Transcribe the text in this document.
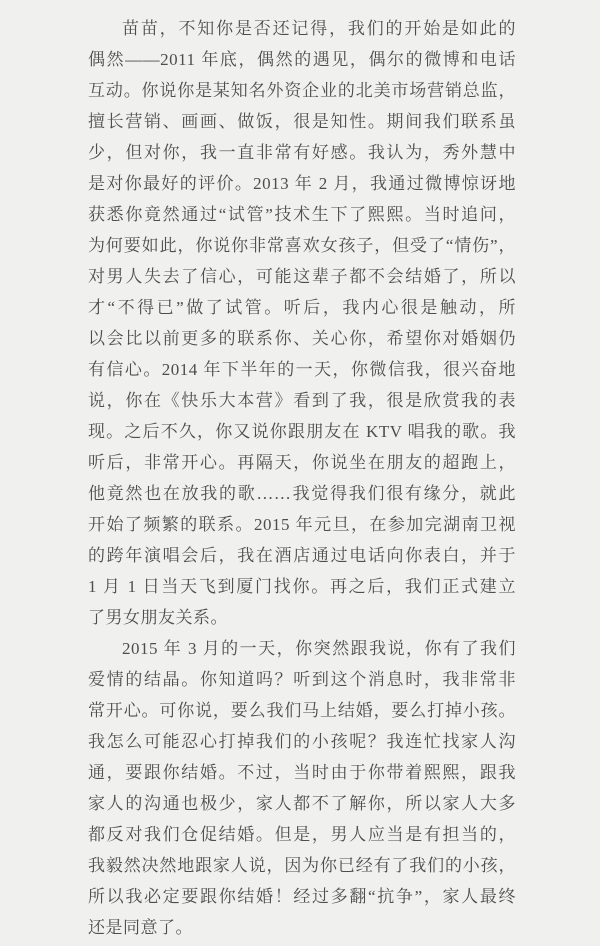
苗苗，不知你是否还记得，我们的开始是如此的
偶然——2011 年底，偶然的遇见，偶尔的微博和电话
互动。你说你是某知名外资企业的北美市场营销总监，
擅长营销、画画、做饭，很是知性。期间我们联系虽
少，但对你，我一直非常有好感。我认为，秀外慧中
是对你最好的评价。2013 年 2 月，我通过微博惊讶地
获悉你竟然通过“试管”技术生下了熙熙。当时追问，
为何要如此，你说你非常喜欢女孩子，但受了“情伤”，
对男人失去了信心，可能这辈子都不会结婚了，所以
才“不得已”做了试管。听后，我内心很是触动，所
以会比以前更多的联系你、关心你，希望你对婚姻仍
有信心。2014 年下半年的一天，你微信我，很兴奋地
说，你在《快乐大本营》看到了我，很是欣赏我的表
现。之后不久，你又说你跟朋友在 KTV 唱我的歌。我
听后，非常开心。再隔天，你说坐在朋友的超跑上，
他竟然也在放我的歌……我觉得我们很有缘分，就此
开始了频繁的联系。2015 年元旦，在参加完湖南卫视
的跨年演唱会后，我在酒店通过电话向你表白，并于
1 月 1 日当天飞到厦门找你。再之后，我们正式建立
了男女朋友关系。
2015 年 3 月的一天，你突然跟我说，你有了我们
爱情的结晶。你知道吗？听到这个消息时，我非常非
常开心。可你说，要么我们马上结婚，要么打掉小孩。
我怎么可能忍心打掉我们的小孩呢？我连忙找家人沟
通，要跟你结婚。不过，当时由于你带着熙熙，跟我
家人的沟通也极少，家人都不了解你，所以家人大多
都反对我们仓促结婚。但是，男人应当是有担当的，
我毅然决然地跟家人说，因为你已经有了我们的小孩，
所以我必定要跟你结婚！经过多翻“抗争”，家人最终
还是同意了。
